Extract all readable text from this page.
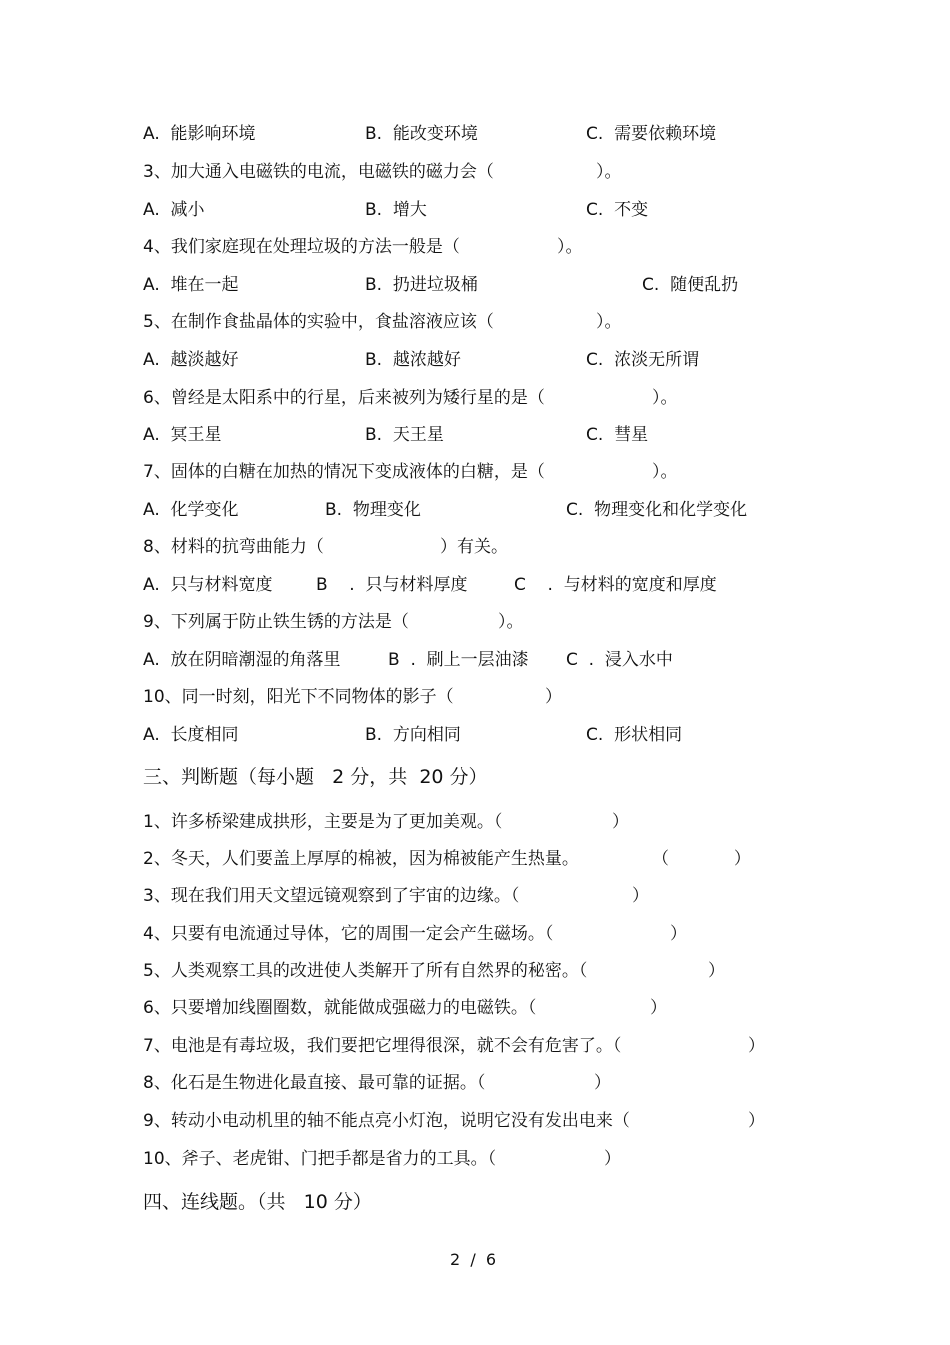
A.  能影响环境	B.  能改变环境	C.  需要依赖环境
3、加大通入电磁铁的电流，电磁铁的磁力会（	）。
A.  减小	B.  增大	C.  不变
4、我们家庭现在处理垃圾的方法一般是（	）。
A.  堆在一起	B.  扔进垃圾桶	C.  随便乱扔
5、在制作食盐晶体的实验中，食盐溶液应该（	）。
A.  越淡越好	B.  越浓越好	C.  浓淡无所谓
6、曾经是太阳系中的行星，后来被列为矮行星的是（	）。
A.  冥王星	B.  天王星	C.  彗星
7、固体的白糖在加热的情况下变成液体的白糖，是（	）。
A.  化学变化	B.  物理变化	C.  物理变化和化学变化
8、材料的抗弯曲能力（	）有关。
A.  只与材料宽度	B    .  只与材料厚度	C    .  与材料的宽度和厚度
9、下列属于防止铁生锈的方法是（	）。
A.  放在阴暗潮湿的角落里	B  .  刷上一层油漆 C  .  浸入水中
10、同一时刻，阳光下不同物体的影子（	）
A.  长度相同	B.  方向相同	C.  形状相同
三、判断题（每小题   2 分，共  20 分）
1、许多桥梁建成拱形，主要是为了更加美观。（	）
2、冬天，人们要盖上厚厚的棉被，因为棉被能产生热量。	（            ）
3、现在我们用天文望远镜观察到了宇宙的边缘。（	）
4、只要有电流通过导体，它的周围一定会产生磁场。（	）
5、人类观察工具的改进使人类解开了所有自然界的秘密。（	）
6、只要增加线圈圈数，就能做成强磁力的电磁铁。（	）
7、电池是有毒垃圾，我们要把它埋得很深，就不会有危害了。（	）
8、化石是生物进化最直接、最可靠的证据。（	）
9、转动小电动机里的轴不能点亮小灯泡，说明它没有发出电来（	）
10、斧子、老虎钳、门把手都是省力的工具。（	）
四、连线题。（共   10 分）
2  /  6
